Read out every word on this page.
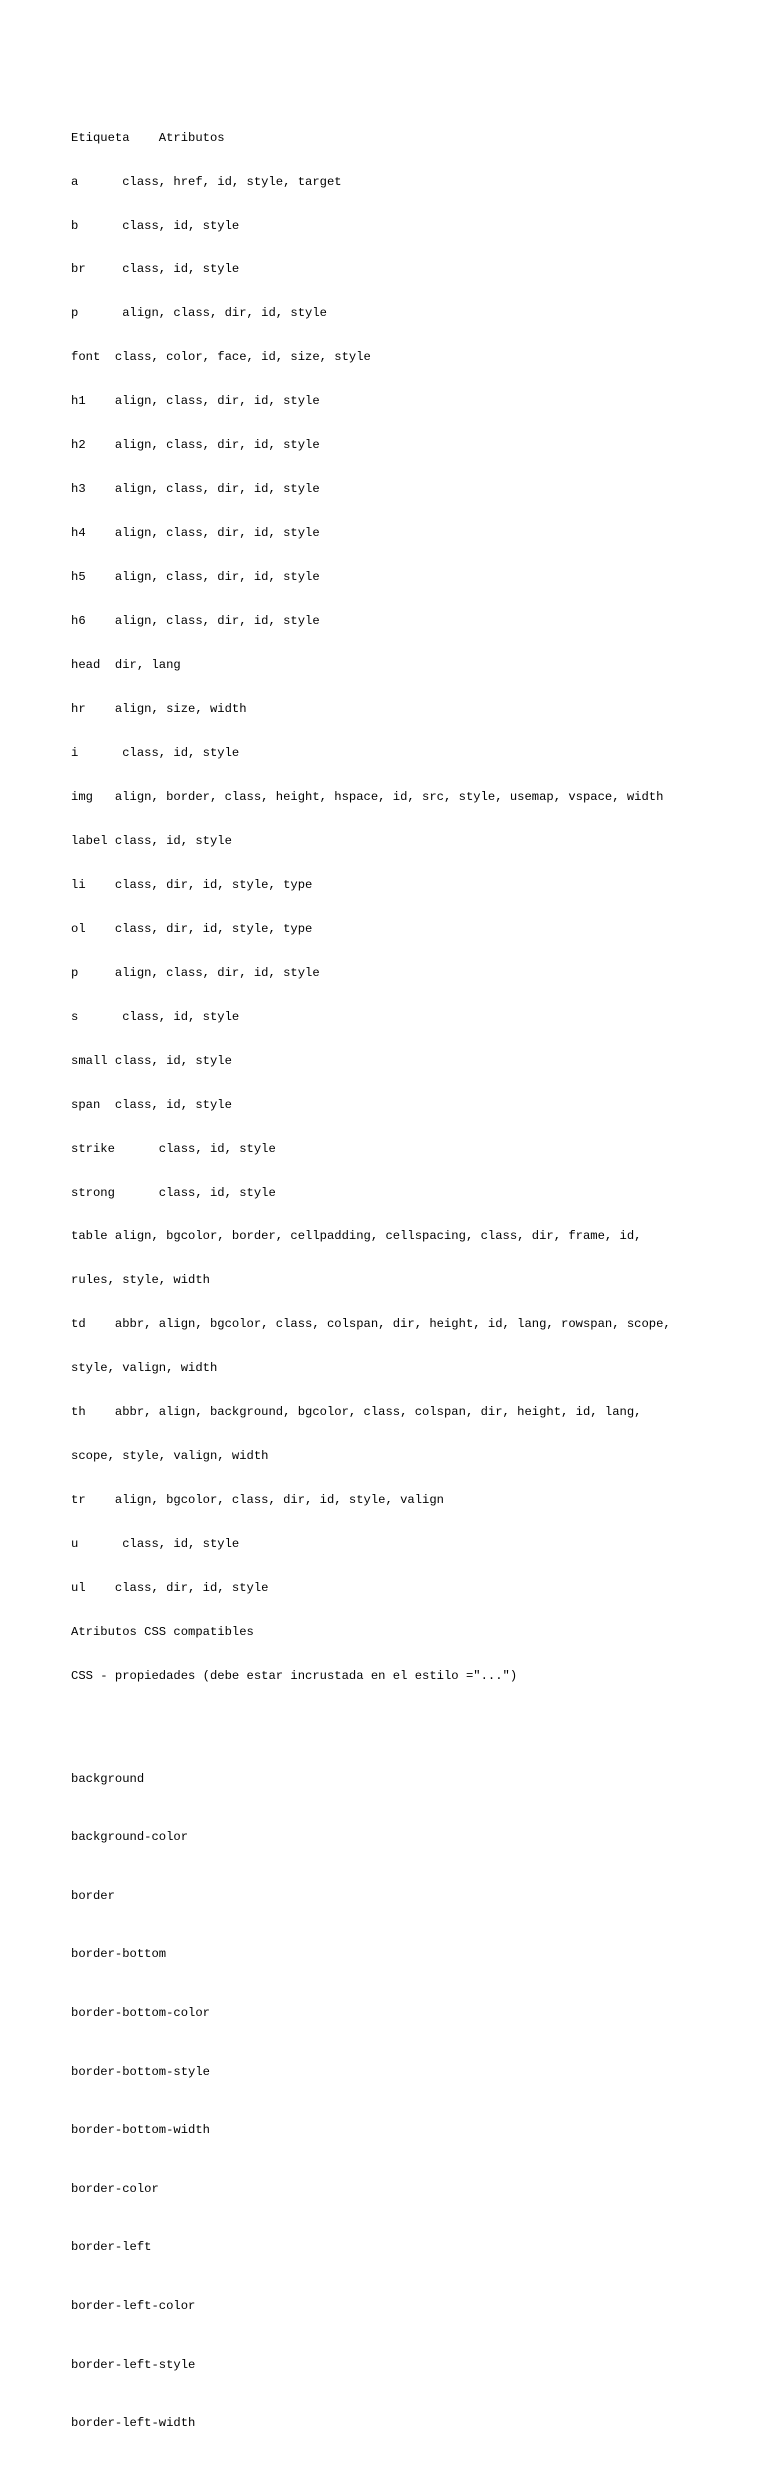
Etiqueta    Atributos

a      class, href, id, style, target

b      class, id, style

br     class, id, style

p      align, class, dir, id, style

font  class, color, face, id, size, style

h1    align, class, dir, id, style

h2    align, class, dir, id, style

h3    align, class, dir, id, style

h4    align, class, dir, id, style

h5    align, class, dir, id, style

h6    align, class, dir, id, style

head  dir, lang

hr    align, size, width

i      class, id, style

img   align, border, class, height, hspace, id, src, style, usemap, vspace, width

label class, id, style

li    class, dir, id, style, type

ol    class, dir, id, style, type

p     align, class, dir, id, style

s      class, id, style

small class, id, style

span  class, id, style

strike      class, id, style

strong      class, id, style

table align, bgcolor, border, cellpadding, cellspacing, class, dir, frame, id,

rules, style, width

td    abbr, align, bgcolor, class, colspan, dir, height, id, lang, rowspan, scope,

style, valign, width

th    abbr, align, background, bgcolor, class, colspan, dir, height, id, lang,

scope, style, valign, width

tr    align, bgcolor, class, dir, id, style, valign

u      class, id, style

ul    class, dir, id, style

Atributos CSS compatibles

CSS - propiedades (debe estar incrustada en el estilo ="...")

background

background-color

border

border-bottom

border-bottom-color

border-bottom-style

border-bottom-width

border-color

border-left

border-left-color

border-left-style

border-left-width
